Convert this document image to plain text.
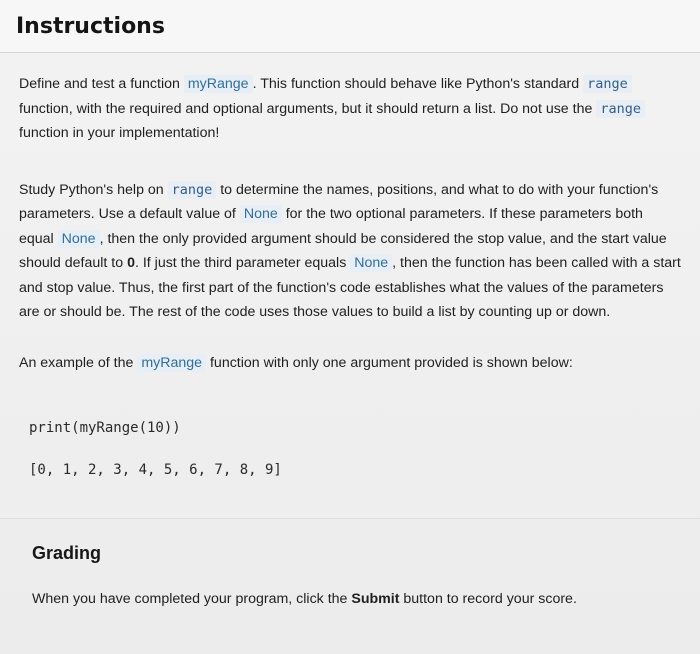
Instructions

Define and test a function myRange . This function should behave like Python's standard range function, with the required and optional arguments, but it should return a list. Do not use the range function in your implementation!

Study Python's help on range to determine the names, positions, and what to do with your function's parameters. Use a default value of None for the two optional parameters. If these parameters both equal None , then the only provided argument should be considered the stop value, and the start value should default to 0. If just the third parameter equals None , then the function has been called with a start and stop value. Thus, the first part of the function's code establishes what the values of the parameters are or should be. The rest of the code uses those values to build a list by counting up or down.

An example of the myRange function with only one argument provided is shown below:

print(myRange(10))
[0, 1, 2, 3, 4, 5, 6, 7, 8, 9]
Grading

When you have completed your program, click the Submit button to record your score.
